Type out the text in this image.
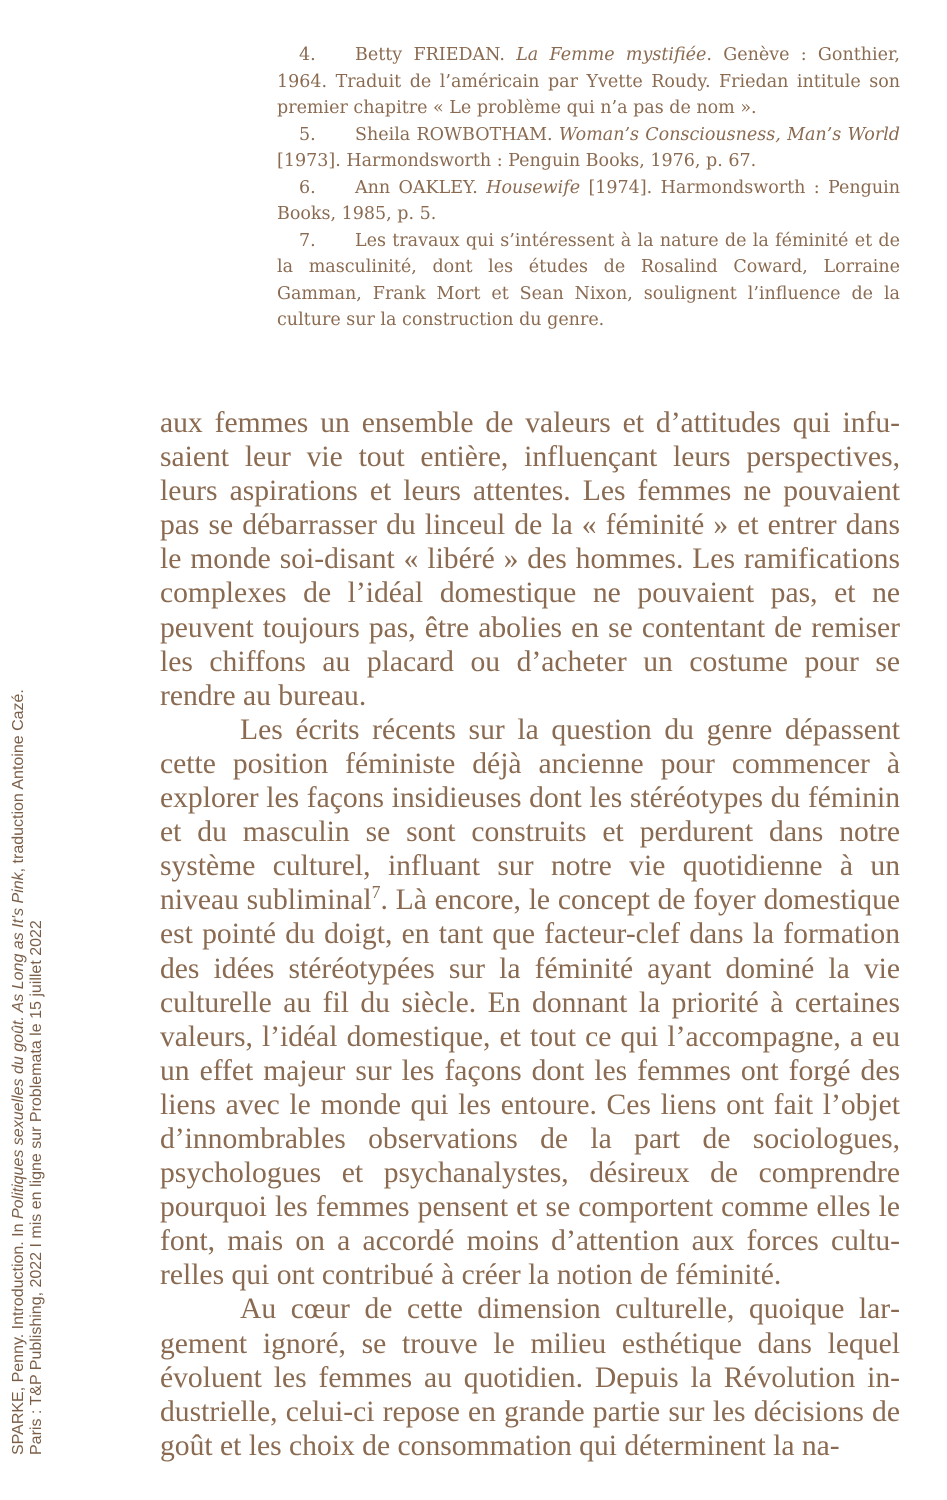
4. Betty FRIEDAN. La Femme mystifiée. Genève : Gonthier, 1964. Traduit de l’américain par Yvette Roudy. Friedan intitule son premier chapitre « Le problème qui n’a pas de nom ».

5. Sheila ROWBOTHAM. Woman’s Consciousness, Man’s World [1973]. Harmondsworth : Penguin Books, 1976, p. 67.

6. Ann OAKLEY. Housewife [1974]. Harmondsworth : Penguin Books, 1985, p. 5.

7. Les travaux qui s’intéressent à la nature de la féminité et de la masculinité, dont les études de Rosalind Coward, Lorraine Gamman, Frank Mort et Sean Nixon, soulignent l’influence de la culture sur la construction du genre.

aux femmes un ensemble de valeurs et d’attitudes qui infusaient leur vie tout entière, influençant leurs perspectives, leurs aspirations et leurs attentes. Les femmes ne pouvaient pas se débarrasser du linceul de la « féminité » et entrer dans le monde soi-disant « libéré » des hommes. Les ramifications complexes de l’idéal domestique ne pouvaient pas, et ne peuvent toujours pas, être abolies en se contentant de remiser les chiffons au placard ou d’acheter un costume pour se rendre au bureau.

Les écrits récents sur la question du genre dépassent cette position féministe déjà ancienne pour commencer à explorer les façons insidieuses dont les stéréotypes du féminin et du masculin se sont construits et perdurent dans notre système culturel, influant sur notre vie quotidienne à un niveau subliminal$^7$. Là encore, le concept de foyer domestique est pointé du doigt, en tant que facteur-clef dans la formation des idées stéréotypées sur la féminité ayant dominé la vie culturelle au fil du siècle. En donnant la priorité à certaines valeurs, l’idéal domestique, et tout ce qui l’accompagne, a eu un effet majeur sur les façons dont les femmes ont forgé des liens avec le monde qui les entoure. Ces liens ont fait l’objet d’innombrables observations de la part de sociologues, psychologues et psychanalystes, désireux de comprendre pourquoi les femmes pensent et se comportent comme elles le font, mais on a accordé moins d’attention aux forces culturelles qui ont contribué à créer la notion de féminité.

Au cœur de cette dimension culturelle, quoique largement ignoré, se trouve le milieu esthétique dans lequel évoluent les femmes au quotidien. Depuis la Révolution industrielle, celui-ci repose en grande partie sur les décisions de goût et les choix de consommation qui déterminent la na-

SPARKE, Penny. Introduction. In Politiques sexuelles du goût. As Long as It's Pink, traduction Antoine Cazé.
Paris : T&P Publishing, 2022 I mis en ligne sur Problemata le 15 juillet 2022
